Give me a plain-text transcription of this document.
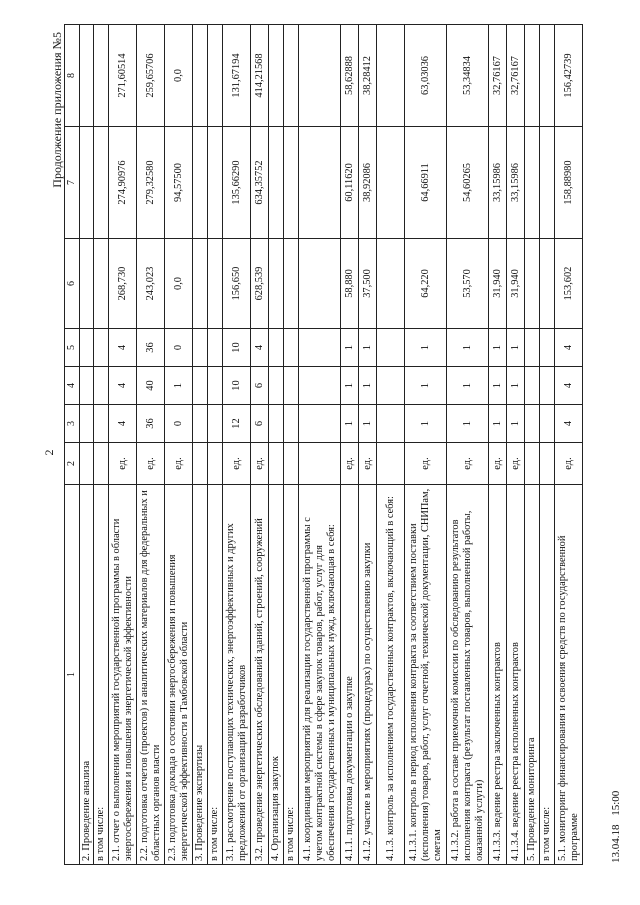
2
Продолжение приложения №5
1	2	3	4	5	6	7	8
2. Проведение анализа							
в том числе:							
2.1. отчет о выполнении мероприятий государственной программы в области энергосбережения и повышения энергетической эффективности	ед.	4	4	4	268,730	274,90976	271,60514
2.2. подготовка отчетов (проектов) и аналитических материалов для федеральных и областных органов власти	ед.	36	40	36	243,023	279,32580	259,65706
2.3. подготовка доклада о состоянии энергосбережения и повышения энергетической эффективности в Тамбовской области	ед.	0	1	0	0,0	94,57500	0,0
3. Проведение экспертизы							
в том числе:							
3.1. рассмотрение поступающих технических, энергоэффективных и других предложений от организаций разработчиков	ед.	12	10	10	156,650	135,66290	131,67194
3.2. проведение энергетических обследований зданий, строений, сооружений	ед.	6	6	4	628,539	634,35752	414,21568
4. Организация закупок							
в том числе:							
4.1. координация мероприятий для реализации государственной программы с учетом контрактной системы в сфере закупок товаров, работ, услуг для обеспечения государственных и муниципальных нужд, включающая в себя:							
4.1.1. подготовка документации о закупке	ед.	1	1	1	58,880	60,11620	58,62888
4.1.2. участие в мероприятиях (процедурах) по осуществлению закупки	ед.	1	1	1	37,500	38,92086	38,28412
4.1.3. контроль за исполнением государственных контрактов, включающий в себя:							
4.1.3.1. контроль в период исполнения контракта за соответствием поставки (исполнения) товаров, работ, услуг отчетной, технической документации, СНИПам, сметам	ед.	1	1	1	64,220	64,66911	63,03036
4.1.3.2. работа в составе приемочной комиссии по обследованию результатов исполнения контракта (результат поставленных товаров, выполненной работы, оказанной услуги)	ед.	1	1	1	53,570	54,60265	53,34834
4.1.3.3. ведение реестра заключенных контрактов	ед.	1	1	1	31,940	33,15986	32,76167
4.1.3.4. ведение реестра исполненных контрактов	ед.	1	1	1	31,940	33,15986	32,76167
5. Проведение мониторинга							
в том числе:							
5.1. мониторинг финансирования и освоения средств по государственной программе	ед.	4	4	4	153,602	158,88980	156,42739
13.04.18 15:00
